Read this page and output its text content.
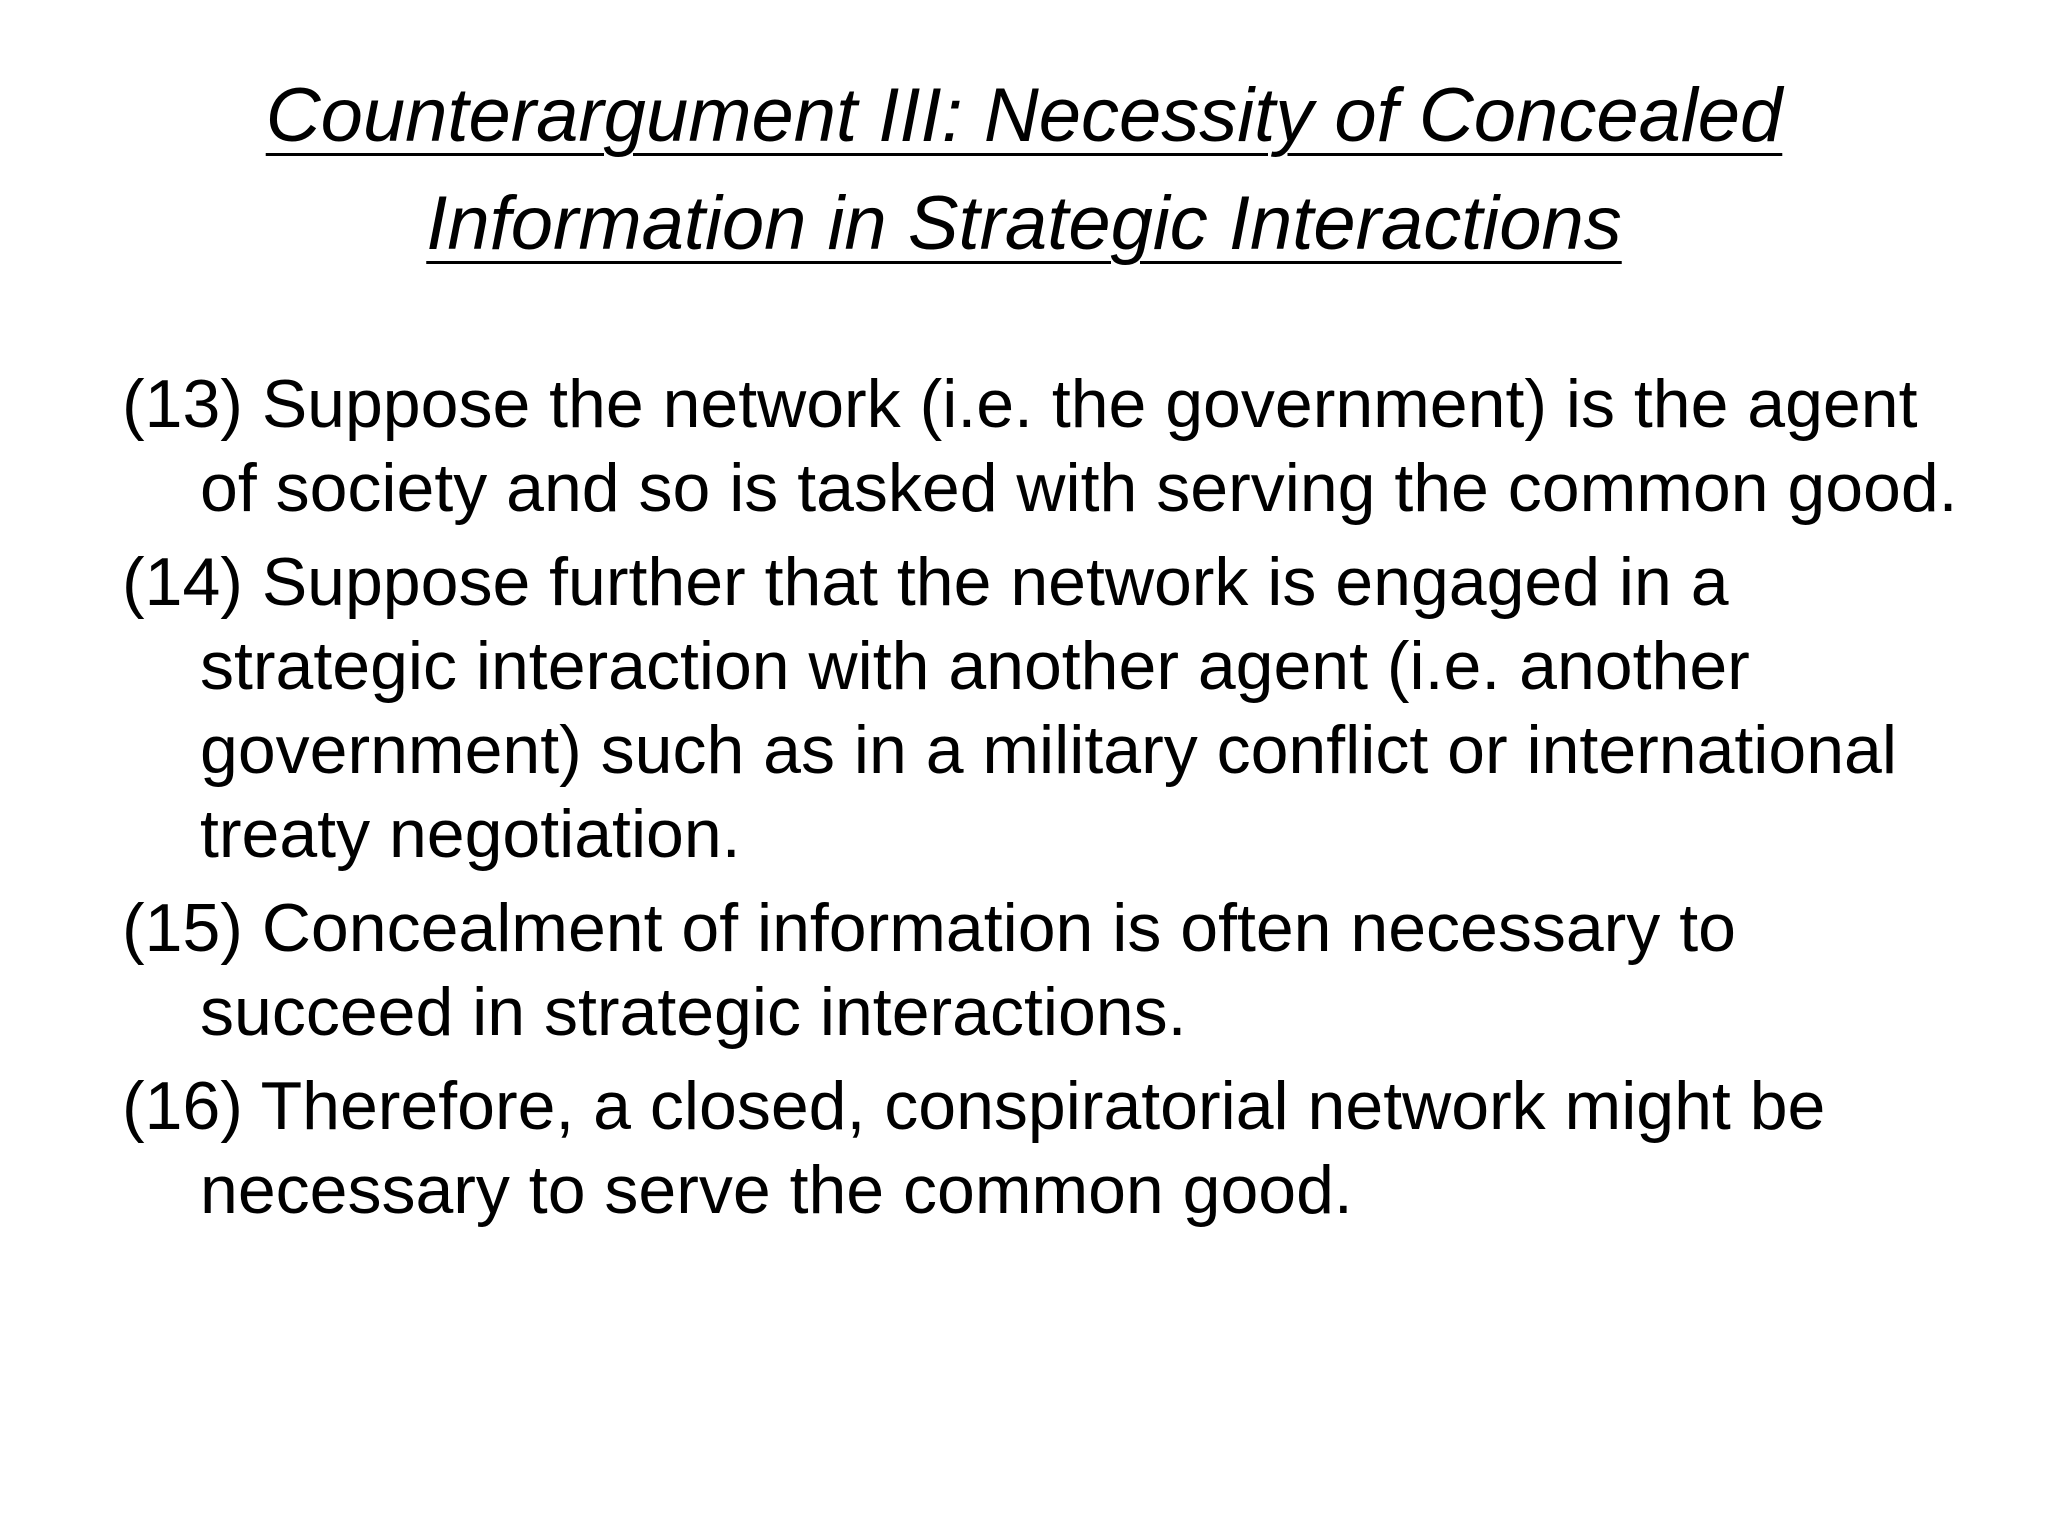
Counterargument III: Necessity of Concealed
Information in Strategic Interactions

(13) Suppose the network (i.e. the government) is the agent of society and so is tasked with serving the common good.

(14) Suppose further that the network is engaged in a strategic interaction with another agent (i.e. another government) such as in a military conflict or international treaty negotiation.

(15) Concealment of information is often necessary to succeed in strategic interactions.

(16) Therefore, a closed, conspiratorial network might be necessary to serve the common good.
